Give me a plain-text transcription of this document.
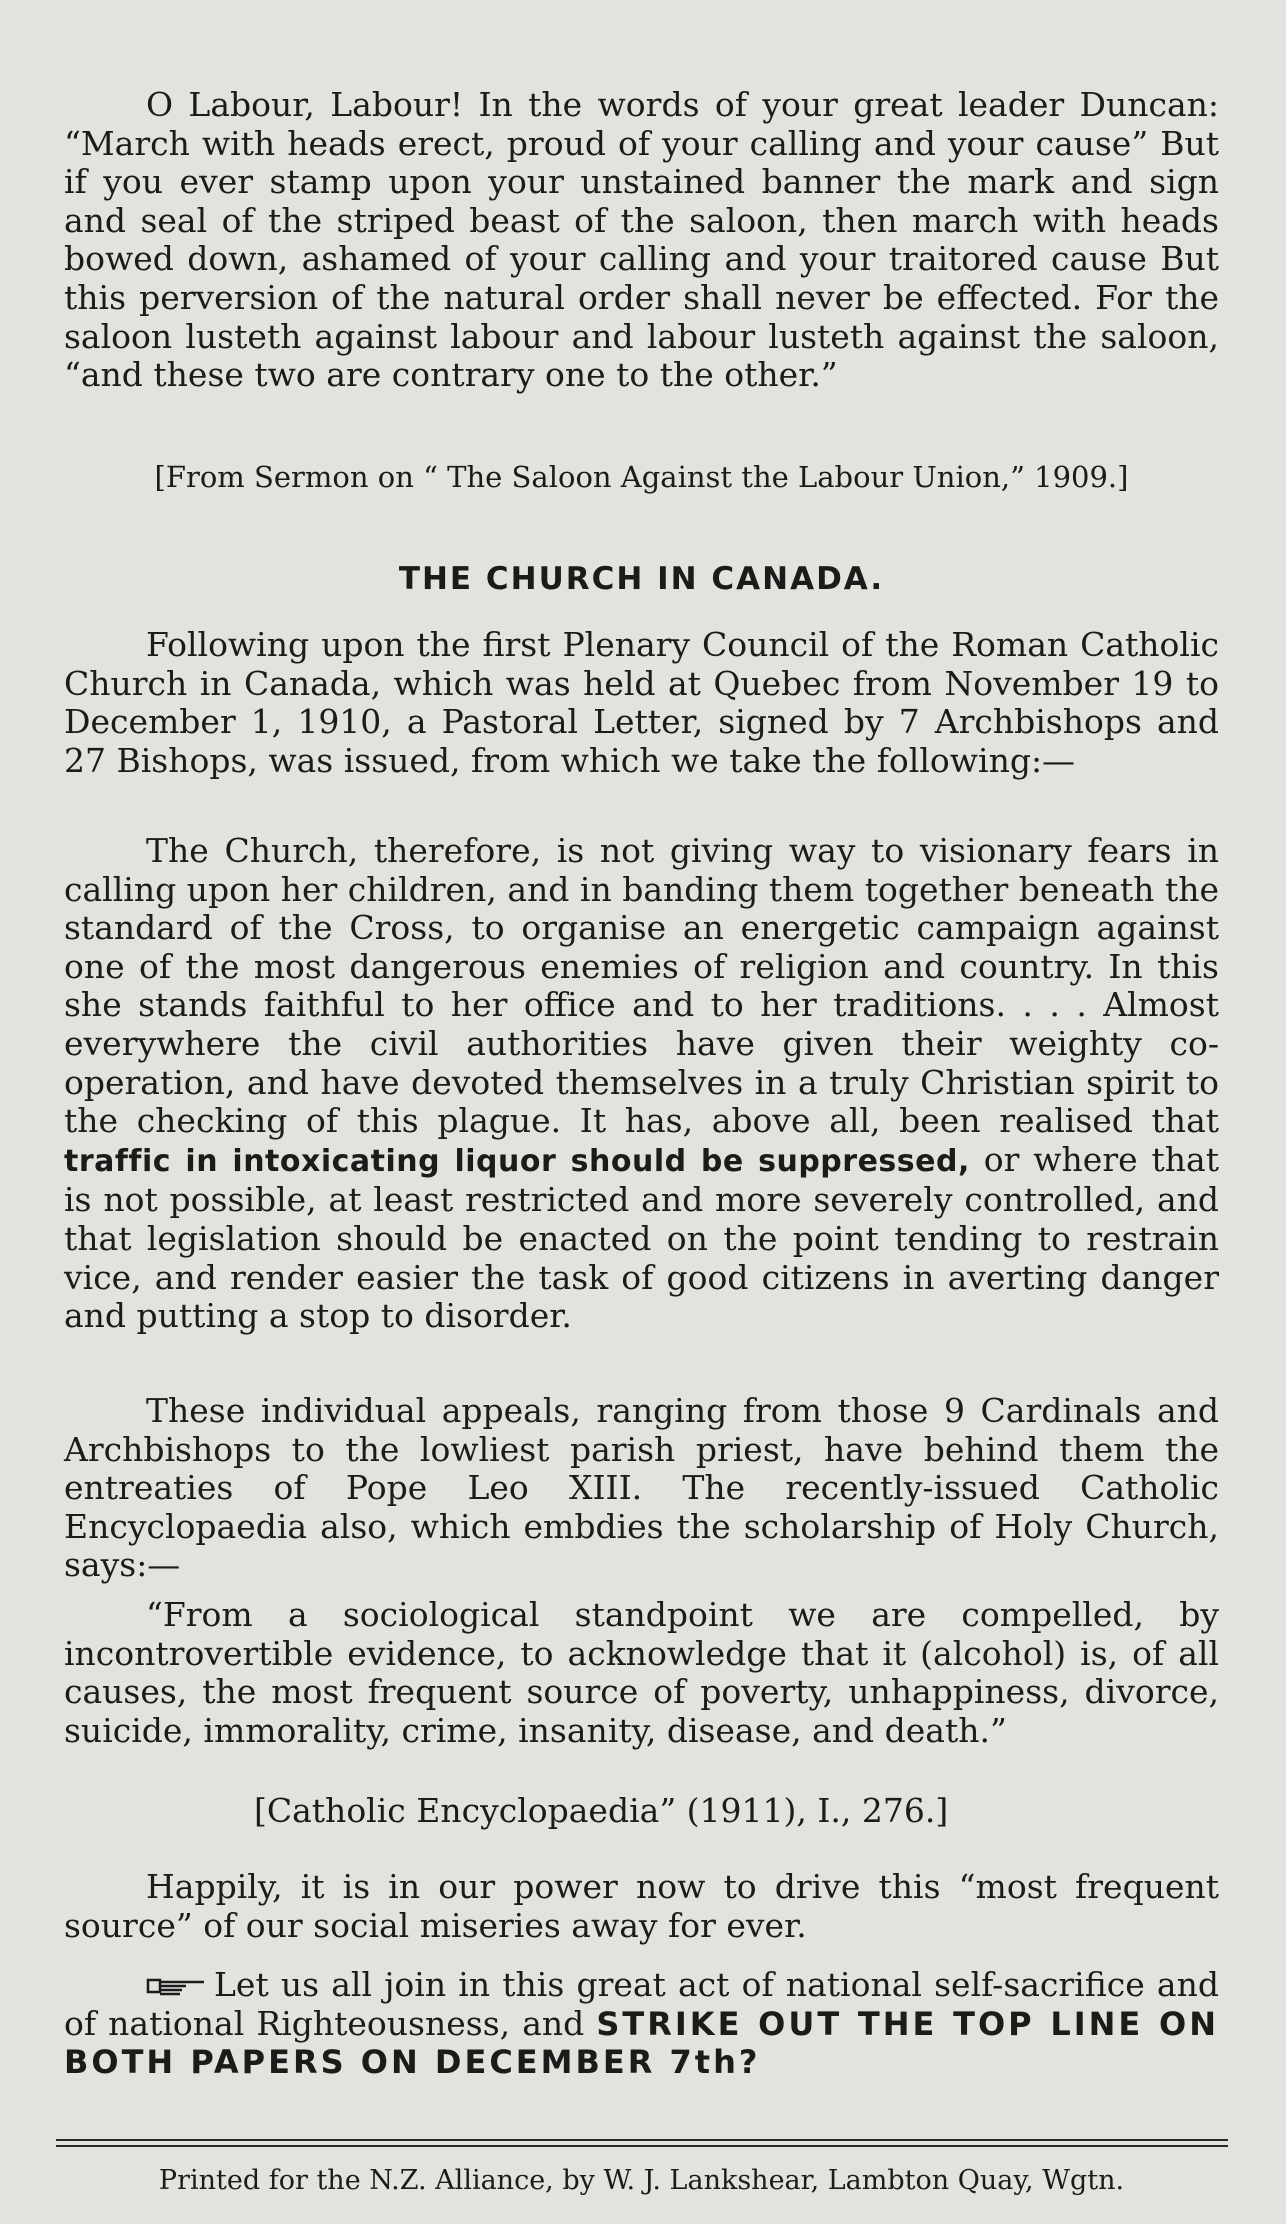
O Labour, Labour! In the words of your great leader Duncan: “March with heads erect, proud of your calling and your cause” But if you ever stamp upon your unstained banner the mark and sign and seal of the striped beast of the saloon, then march with heads bowed down, ashamed of your calling and your traitored cause But this perversion of the natural order shall never be effected. For the saloon lusteth against labour and labour lusteth against the saloon, “and these two are contrary one to the other.”

[From Sermon on “ The Saloon Against the Labour Union,” 1909.]

THE CHURCH IN CANADA.

Following upon the first Plenary Council of the Roman Catholic Church in Canada, which was held at Quebec from November 19 to December 1, 1910, a Pastoral Letter, signed by 7 Archbishops and 27 Bishops, was issued, from which we take the following:—

The Church, therefore, is not giving way to visionary fears in calling upon her children, and in banding them together beneath the standard of the Cross, to organise an energetic campaign against one of the most dangerous enemies of religion and country. In this she stands faithful to her office and to her traditions. . . . Almost everywhere the civil authorities have given their weighty co-operation, and have devoted themselves in a truly Christian spirit to the checking of this plague. It has, above all, been realised that traffic in intoxicating liquor should be suppressed, or where that is not possible, at least restricted and more severely controlled, and that legislation should be enacted on the point tending to restrain vice, and render easier the task of good citizens in averting danger and putting a stop to disorder.

These individual appeals, ranging from those 9 Cardinals and Archbishops to the lowliest parish priest, have behind them the entreaties of Pope Leo XIII. The recently-issued Catholic Encyclopaedia also, which embdies the scholarship of Holy Church, says:—

“From a sociological standpoint we are compelled, by incontrovertible evidence, to acknowledge that it (alcohol) is, of all causes, the most frequent source of poverty, unhappiness, divorce, suicide, immorality, crime, insanity, disease, and death.”

[Catholic Encyclopaedia” (1911), I., 276.]

Happily, it is in our power now to drive this “most frequent source” of our social miseries away for ever.

Let us all join in this great act of national self-sacrifice and of national Righteousness, and STRIKE OUT THE TOP LINE ON BOTH PAPERS ON DECEMBER 7th?

Printed for the N.Z. Alliance, by W. J. Lankshear, Lambton Quay, Wgtn.
